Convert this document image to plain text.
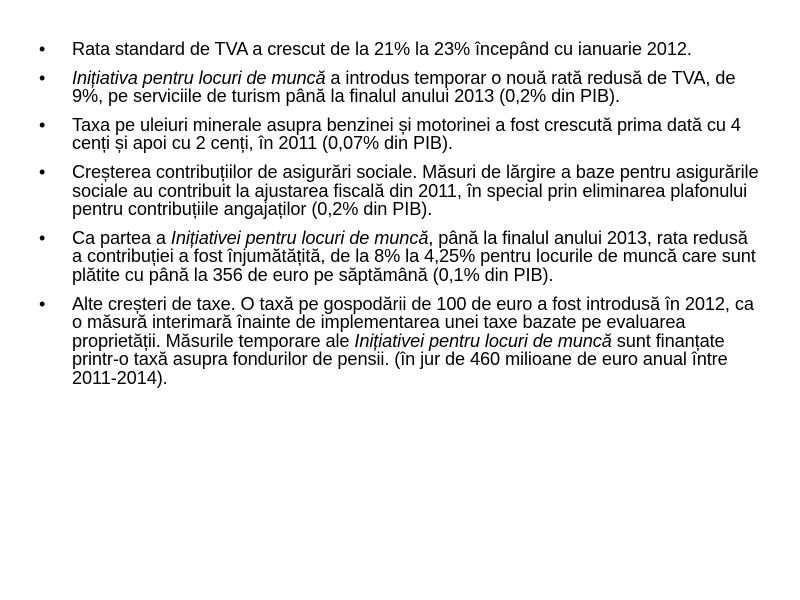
• Rata standard de TVA a crescut de la 21% la 23% începând cu ianuarie 2012.
• Inițiativa pentru locuri de muncă a introdus temporar o nouă rată redusă de TVA, de 9%, pe serviciile de turism până la finalul anului 2013 (0,2% din PIB).
• Taxa pe uleiuri minerale asupra benzinei și motorinei a fost crescută prima dată cu 4 cenți și apoi cu 2 cenți, în 2011 (0,07% din PIB).
• Creșterea contribuțiilor de asigurări sociale. Măsuri de lărgire a baze pentru asigurările sociale au contribuit la ajustarea fiscală din 2011, în special prin eliminarea plafonului pentru contribuțiile angajaților (0,2% din PIB).
• Ca partea a Inițiativei pentru locuri de muncă, până la finalul anului 2013, rata redusă a contribuției a fost înjumătățită, de la 8% la 4,25% pentru locurile de muncă care sunt plătite cu până la 356 de euro pe săptămână (0,1% din PIB).
• Alte creșteri de taxe. O taxă pe gospodării de 100 de euro a fost introdusă în 2012, ca o măsură interimară înainte de implementarea unei taxe bazate pe evaluarea proprietății. Măsurile temporare ale Inițiativei pentru locuri de muncă sunt finanțate printr-o taxă asupra fondurilor de pensii. (în jur de 460 milioane de euro anual între 2011-2014).
